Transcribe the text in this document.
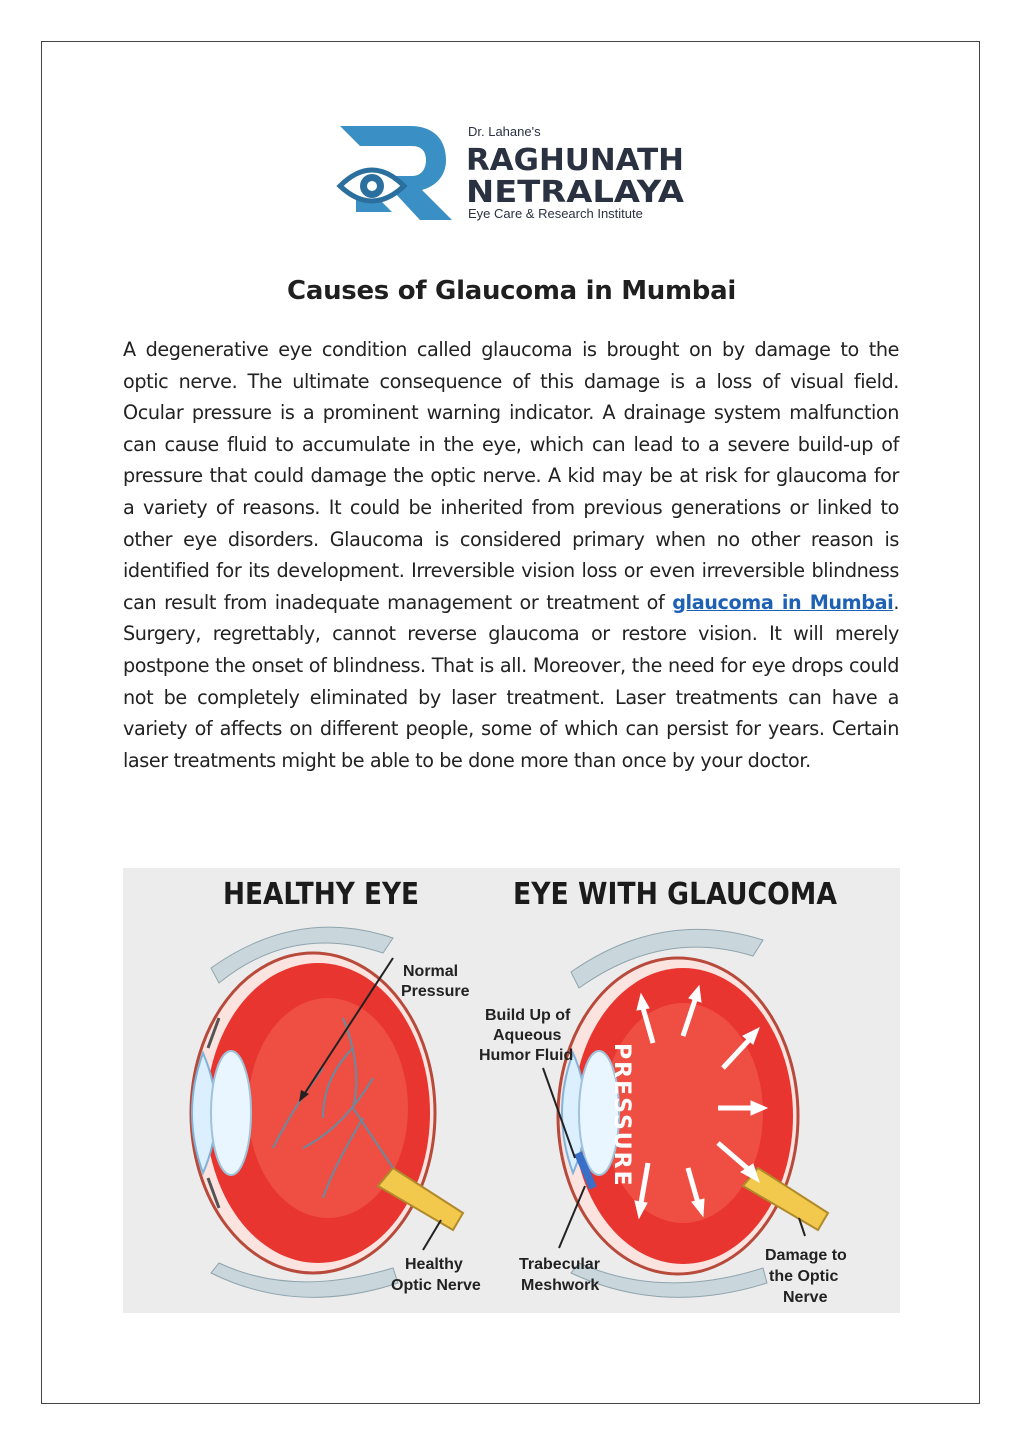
Dr. Lahane's
RAGHUNATH
NETRALAYA
Eye Care & Research Institute
Causes of Glaucoma in Mumbai

A degenerative eye condition called glaucoma is brought on by damage to the optic nerve. The ultimate consequence of this damage is a loss of visual field. Ocular pressure is a prominent warning indicator. A drainage system malfunction can cause fluid to accumulate in the eye, which can lead to a severe build-up of pressure that could damage the optic nerve. A kid may be at risk for glaucoma for a variety of reasons. It could be inherited from previous generations or linked to other eye disorders. Glaucoma is considered primary when no other reason is identified for its development. Irreversible vision loss or even irreversible blindness can result from inadequate management or treatment of glaucoma in Mumbai. Surgery, regrettably, cannot reverse glaucoma or restore vision. It will merely postpone the onset of blindness. That is all. Moreover, the need for eye drops could not be completely eliminated by laser treatment. Laser treatments can have a variety of affects on different people, some of which can persist for years. Certain laser treatments might be able to be done more than once by your doctor.

HEALTHY EYE	EYE WITH GLAUCOMA
Normal
Pressure
Healthy
Optic Nerve
PRESSURE
Build Up of
Aqueous
Humor Fluid
Trabecular
Meshwork
Damage to
the Optic
Nerve
